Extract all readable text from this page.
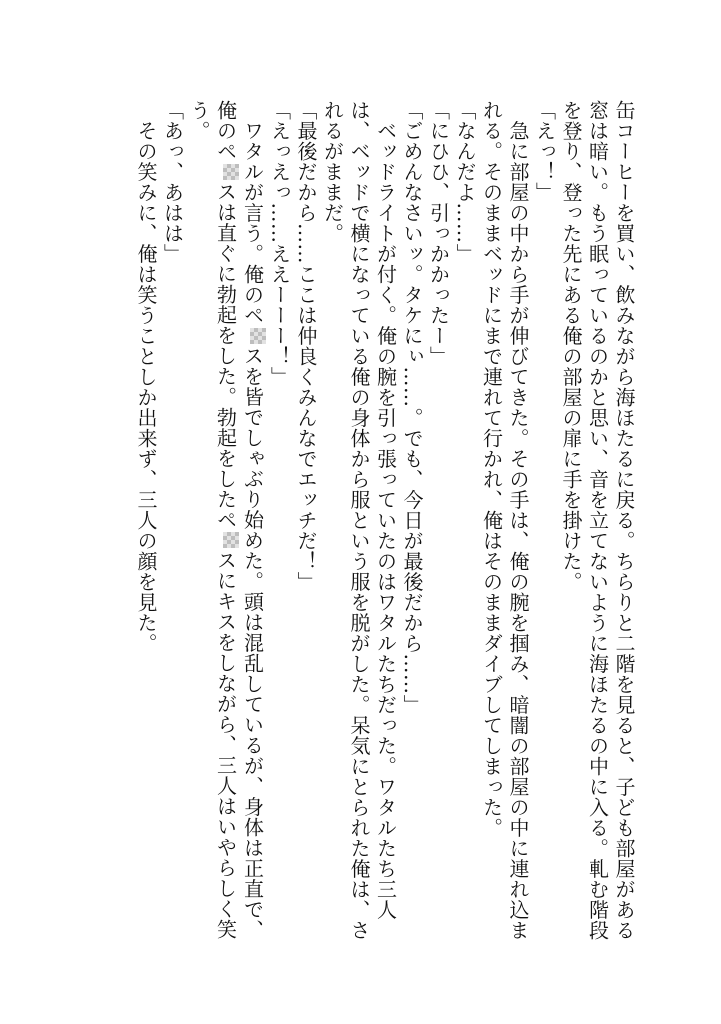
缶コーヒーを買い、飲みながら海ほたるに戻る。ちらりと二階を見ると、子ども部屋がある窓は暗い。もう眠っているのかと思い、音を立てないように海ほたるの中に入る。軋む階段を登り、登った先にある俺の部屋の扉に手を掛けた。

「えっ！」

　急に部屋の中から手が伸びてきた。その手は、俺の腕を掴み、暗闇の部屋の中に連れ込まれる。そのままベッドにまで連れて行かれ、俺はそのままダイブしてしまった。

「なんだよ……」

「にひひ、引っかかったー」

「ごめんなさいッ。タケにぃ……。でも、今日が最後だから……」

　ベッドライトが付く。俺の腕を引っ張っていたのはワタルたちだった。ワタルたち三人は、ベッドで横になっている俺の身体から服という服を脱がした。呆気にとられた俺は、されるがままだ。

「最後だから……ここは仲良くみんなでエッチだ！」

「えっえっ……ええーーー！」

　ワタルが言う。俺のペスを皆でしゃぶり始めた。頭は混乱しているが、身体は正直で、俺のペスは直ぐに勃起をした。勃起をしたペスにキスをしながら、三人はいやらしく笑う。

「あっ、あはは」

　その笑みに、俺は笑うことしか出来ず、三人の顔を見た。
